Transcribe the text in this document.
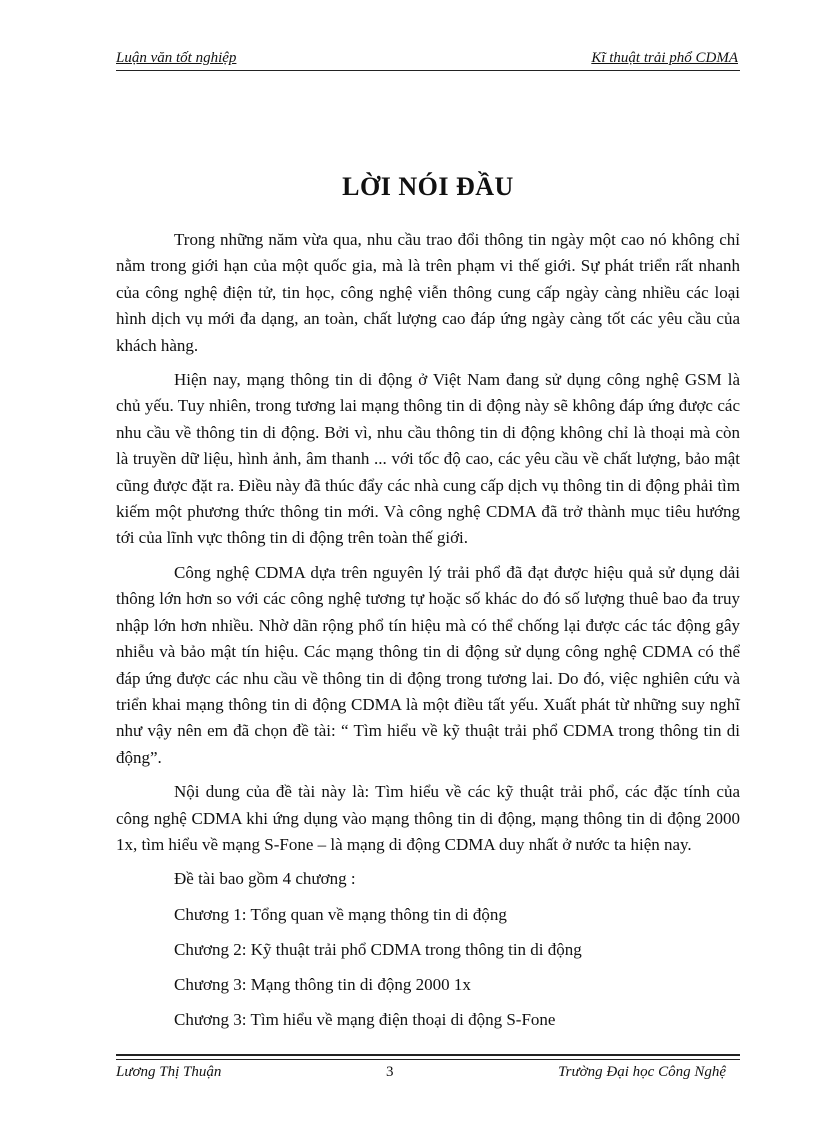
Luận văn tốt nghiệp	Kĩ thuật trải phổ CDMA
LỜI NÓI ĐẦU

Trong những năm vừa qua, nhu cầu trao đổi thông tin ngày một cao nó không chỉ nằm trong giới hạn của một quốc gia, mà là trên phạm vi thế giới. Sự phát triển rất nhanh của công nghệ điện tử, tin học, công nghệ viễn thông cung cấp ngày càng nhiều các loại hình dịch vụ mới đa dạng, an toàn, chất lượng cao đáp ứng ngày càng tốt các yêu cầu của khách hàng.

Hiện nay, mạng thông tin di động ở Việt Nam đang sử dụng công nghệ GSM là chủ yếu. Tuy nhiên, trong tương lai mạng thông tin di động này sẽ không đáp ứng được các nhu cầu về thông tin di động. Bởi vì, nhu cầu thông tin di động không chỉ là thoại mà còn là truyền dữ liệu, hình ảnh, âm thanh ... với tốc độ cao, các yêu cầu về chất lượng, bảo mật cũng được đặt ra. Điều này đã thúc đẩy các nhà cung cấp dịch vụ thông tin di động phải tìm kiếm một phương thức thông tin mới. Và công nghệ CDMA đã trở thành mục tiêu hướng tới của lĩnh vực thông tin di động trên toàn thế giới.

Công nghệ CDMA dựa trên nguyên lý trải phổ đã đạt được hiệu quả sử dụng dải thông lớn hơn so với các công nghệ tương tự hoặc số khác do đó số lượng thuê bao đa truy nhập lớn hơn nhiều. Nhờ dãn rộng phổ tín hiệu mà có thể chống lại được các tác động gây nhiễu và bảo mật tín hiệu. Các mạng thông tin di động sử dụng công nghệ CDMA có thể đáp ứng được các nhu cầu về thông tin di động trong tương lai. Do đó, việc nghiên cứu và triển khai mạng thông tin di động CDMA là một điều tất yếu. Xuất phát từ những suy nghĩ như vậy nên em đã chọn đề tài: “ Tìm hiểu về kỹ thuật trải phổ CDMA trong thông tin di động”.

Nội dung của đề tài này là: Tìm hiểu về các kỹ thuật trải phổ, các đặc tính của công nghệ CDMA khi ứng dụng vào mạng thông tin di động, mạng thông tin di động 2000 1x, tìm hiểu về mạng S-Fone – là mạng di động CDMA duy nhất ở nước ta hiện nay.

Đề tài bao gồm 4 chương :

Chương 1: Tổng quan về mạng thông tin di động
Chương 2: Kỹ thuật trải phổ CDMA trong thông tin di động
Chương 3: Mạng thông tin di động 2000 1x
Chương 3: Tìm hiểu về mạng điện thoại di động S-Fone
Lương Thị Thuận	3	Trường Đại học Công Nghệ
